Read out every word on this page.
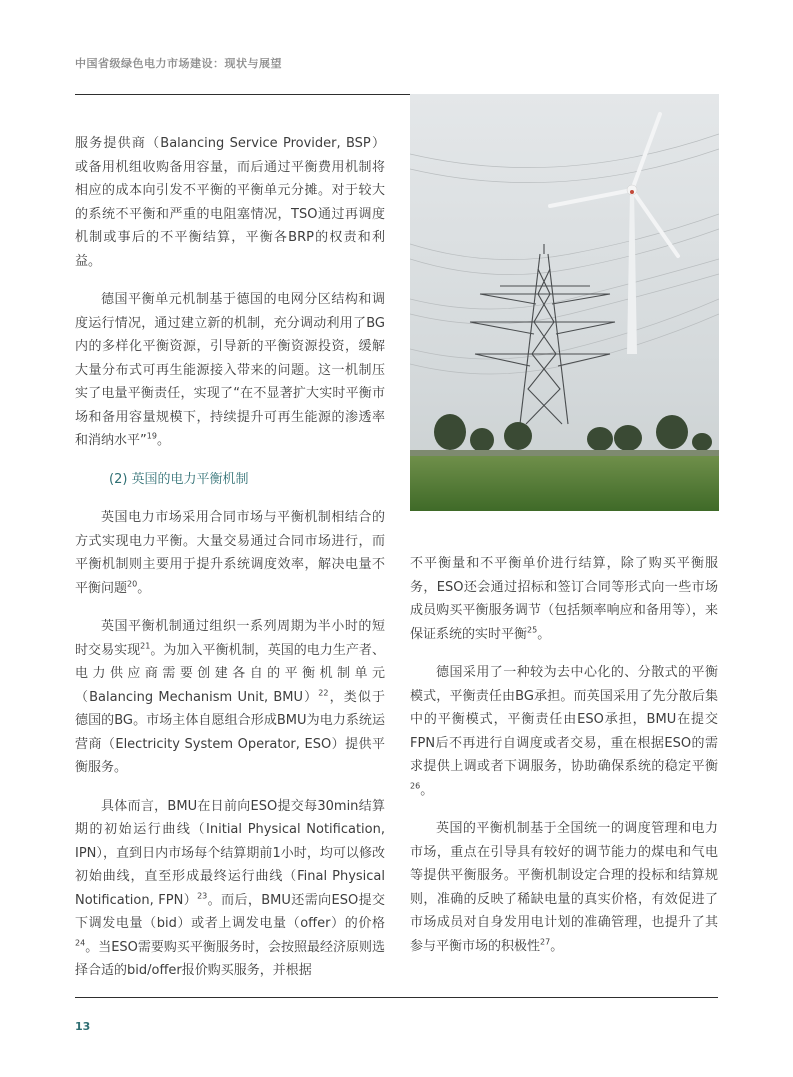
中国省级绿色电力市场建设：现状与展望

服务提供商（Balancing Service Provider, BSP）或备用机组收购备用容量，而后通过平衡费用机制将相应的成本向引发不平衡的平衡单元分摊。对于较大的系统不平衡和严重的电阻塞情况，TSO通过再调度机制或事后的不平衡结算，平衡各BRP的权责和利益。

德国平衡单元机制基于德国的电网分区结构和调度运行情况，通过建立新的机制，充分调动利用了BG内的多样化平衡资源，引导新的平衡资源投资，缓解大量分布式可再生能源接入带来的问题。这一机制压实了电量平衡责任，实现了“在不显著扩大实时平衡市场和备用容量规模下，持续提升可再生能源的渗透率和消纳水平”$^{19}$。

(2) 英国的电力平衡机制

英国电力市场采用合同市场与平衡机制相结合的方式实现电力平衡。大量交易通过合同市场进行，而平衡机制则主要用于提升系统调度效率，解决电量不平衡问题$^{20}$。

英国平衡机制通过组织一系列周期为半小时的短时交易实现$^{21}$。为加入平衡机制，英国的电力生产者、电力供应商需要创建各自的平衡机制单元（Balancing Mechanism Unit, BMU）$^{22}$，类似于德国的BG。市场主体自愿组合形成BMU为电力系统运营商（Electricity System Operator, ESO）提供平衡服务。

具体而言，BMU在日前向ESO提交每30min结算期的初始运行曲线（Initial Physical Notification, IPN），直到日内市场每个结算期前1小时，均可以修改初始曲线，直至形成最终运行曲线（Final Physical Notification, FPN）$^{23}$。而后，BMU还需向ESO提交下调发电量（bid）或者上调发电量（offer）的价格$^{24}$。当ESO需要购买平衡服务时，会按照最经济原则选择合适的bid/offer报价购买服务，并根据

不平衡量和不平衡单价进行结算，除了购买平衡服务，ESO还会通过招标和签订合同等形式向一些市场成员购买平衡服务调节（包括频率响应和备用等），来保证系统的实时平衡$^{25}$。

德国采用了一种较为去中心化的、分散式的平衡模式，平衡责任由BG承担。而英国采用了先分散后集中的平衡模式，平衡责任由ESO承担，BMU在提交FPN后不再进行自调度或者交易，重在根据ESO的需求提供上调或者下调服务，协助确保系统的稳定平衡$^{26}$。

英国的平衡机制基于全国统一的调度管理和电力市场，重点在引导具有较好的调节能力的煤电和气电等提供平衡服务。平衡机制设定合理的投标和结算规则，准确的反映了稀缺电量的真实价格，有效促进了市场成员对自身发用电计划的准确管理，也提升了其参与平衡市场的积极性$^{27}$。

13
